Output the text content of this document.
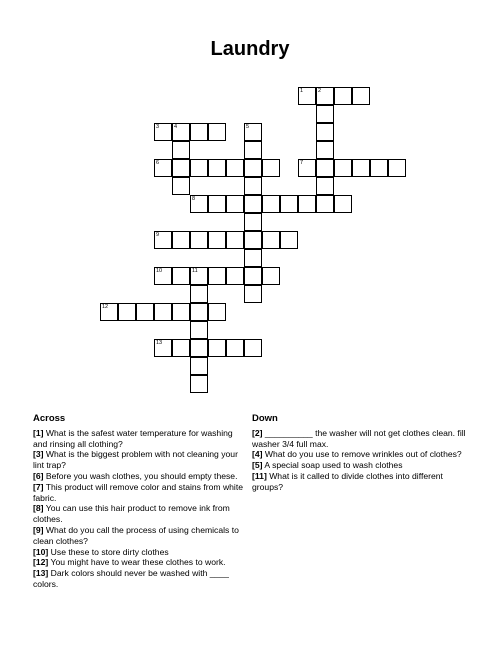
Laundry
1	2
3	4	5
6	7
8
9
10	11
12
13
Across
[1] What is the safest water temperature for washing and rinsing all clothing?
[3] What is the biggest problem with not cleaning your lint trap?
[6] Before you wash clothes, you should empty these.
[7] This product will remove color and stains from white fabric.
[8] You can use this hair product to remove ink from clothes.
[9] What do you call the process of using chemicals to clean clothes?
[10] Use these to store dirty clothes
[12] You might have to wear these clothes to work.
[13] Dark colors should never be washed with ____ colors.
Down
[2] __________ the washer will not get clothes clean. fill washer 3/4 full max.
[4] What do you use to remove wrinkles out of clothes?
[5] A special soap used to wash clothes
[11] What is it called to divide clothes into different groups?
